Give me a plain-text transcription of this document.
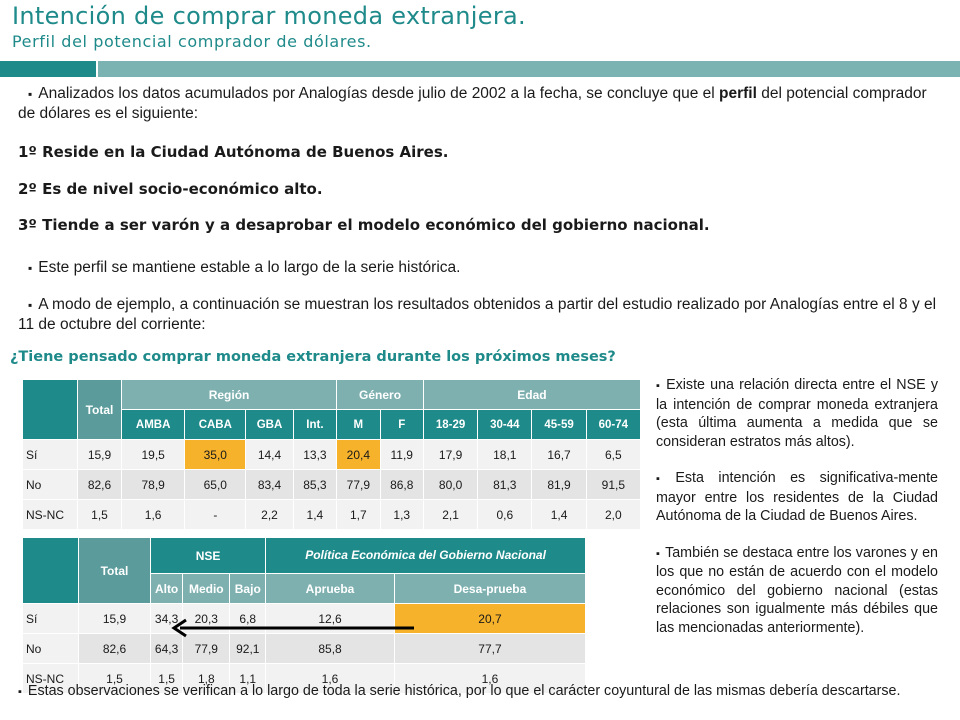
Intención de comprar moneda extranjera.
Perfil del potencial comprador de dólares.
▪ Analizados los datos acumulados por Analogías desde julio de 2002 a la fecha, se concluye que el perfil del potencial comprador de dólares es el siguiente:
1º Reside en la Ciudad Autónoma de Buenos Aires.
2º Es de nivel socio-económico alto.
3º Tiende a ser varón y a desaprobar el modelo económico del gobierno nacional.
▪ Este perfil se mantiene estable a lo largo de la serie histórica.
▪ A modo de ejemplo, a continuación se muestran los resultados obtenidos a partir del estudio realizado por Analogías entre el 8 y el 11 de octubre del corriente:
¿Tiene pensado comprar moneda extranjera durante los próximos meses?
	Total	Región				Género		Edad			
		AMBA	CABA	GBA	Int.	M	F	18-29	30-44	45-59	60-74
Sí	15,9	19,5	35,0	14,4	13,3	20,4	11,9	17,9	18,1	16,7	6,5
No	82,6	78,9	65,0	83,4	85,3	77,9	86,8	80,0	81,3	81,9	91,5
NS-NC	1,5	1,6	-	2,2	1,4	1,7	1,3	2,1	0,6	1,4	2,0
	Total	NSE			Política Económica del Gobierno Nacional	
		Alto	Medio	Bajo	Aprueba	Desa-prueba
Sí	15,9	34,3	20,3	6,8	12,6	20,7
No	82,6	64,3	77,9	92,1	85,8	77,7
NS-NC	1,5	1,5	1,8	1,1	1,6	1,6
▪ Existe una relación directa entre el NSE y la intención de comprar moneda extranjera (esta última aumenta a medida que se consideran estratos más altos).
▪ Esta intención es significativa-mente mayor entre los residentes de la Ciudad Autónoma de la Ciudad de Buenos Aires.
▪ También se destaca entre los varones y en los que no están de acuerdo con el modelo económico del gobierno nacional (estas relaciones son igualmente más débiles que las mencionadas anteriormente).
▪ Estas observaciones se verifican a lo largo de toda la serie histórica, por lo que el carácter coyuntural de las mismas debería descartarse.
